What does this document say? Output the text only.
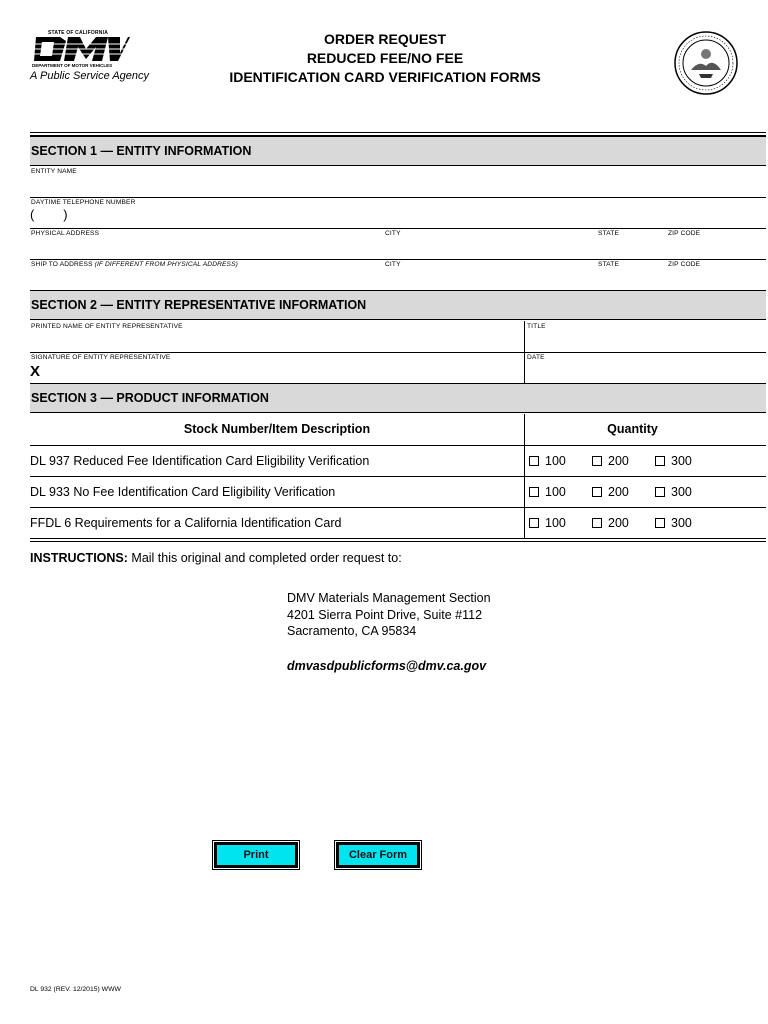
STATE OF CALIFORNIA
DEPARTMENT OF MOTOR VEHICLES
A Public Service Agency
ORDER REQUEST
REDUCED FEE/NO FEE
IDENTIFICATION CARD VERIFICATION FORMS
SECTION 1 — ENTITY INFORMATION
ENTITY NAME
DAYTIME TELEPHONE NUMBER
(        )
PHYSICAL ADDRESS	CITY	STATE	ZIP CODE
SHIP TO ADDRESS (IF DIFFERENT FROM PHYSICAL ADDRESS)	CITY	STATE	ZIP CODE
SECTION 2 — ENTITY REPRESENTATIVE INFORMATION
PRINTED NAME OF ENTITY REPRESENTATIVE	TITLE
SIGNATURE OF ENTITY REPRESENTATIVE	DATE
X
SECTION 3 — PRODUCT INFORMATION
Stock Number/Item Description	Quantity
DL 937 Reduced Fee Identification Card Eligibility Verification	100	200	300
DL 933 No Fee Identification Card Eligibility Verification	100	200	300
FFDL 6 Requirements for a California Identification Card	100	200	300
INSTRUCTIONS: Mail this original and completed order request to:
DMV Materials Management Section
4201 Sierra Point Drive, Suite #112
Sacramento, CA 95834
dmvasdpublicforms@dmv.ca.gov
Print	Clear Form
DL 932 (REV. 12/2015) WWW
